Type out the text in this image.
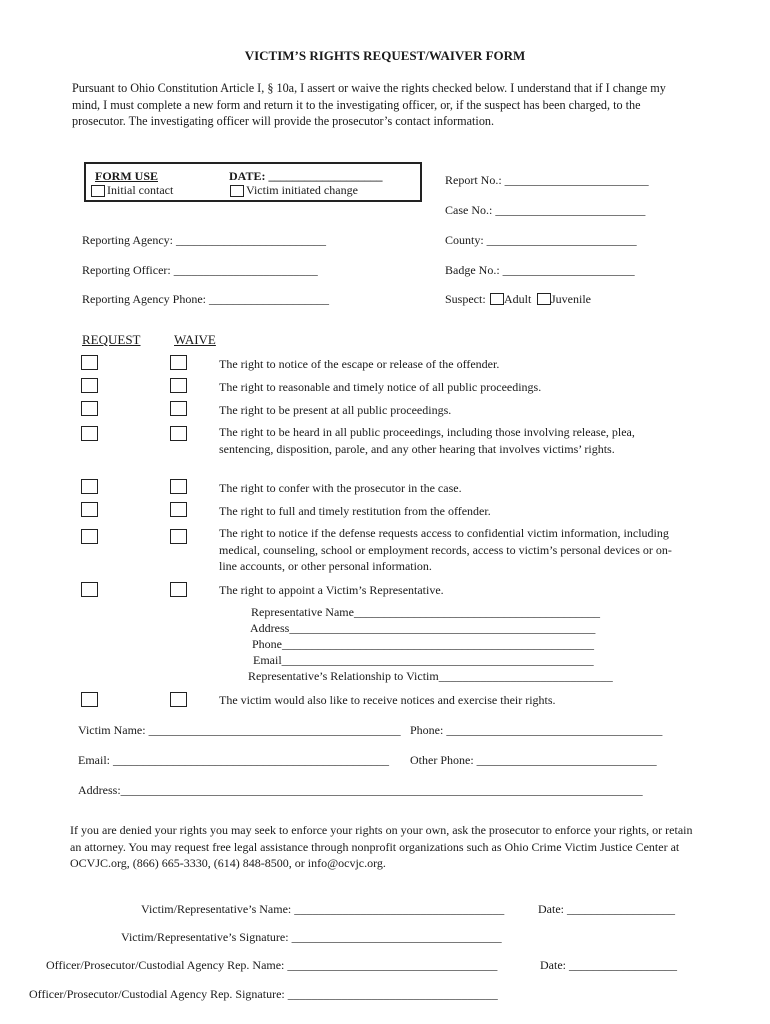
VICTIM’S RIGHTS REQUEST/WAIVER FORM
Pursuant to Ohio Constitution Article I, § 10a, I assert or waive the rights checked below. I understand that if I change my mind, I must complete a new form and return it to the investigating officer, or, if the suspect has been charged, to the prosecutor. The investigating officer will provide the prosecutor’s contact information.
FORM USE	DATE: ___________________
Initial contact	Victim initiated change
Report No.: ________________________
Case No.: _________________________
Reporting Agency: _________________________	County: _________________________
Reporting Officer: ________________________	Badge No.: ______________________
Reporting Agency Phone: ____________________	Suspect: Adult Juvenile
REQUEST	WAIVE
The right to notice of the escape or release of the offender.
The right to reasonable and timely notice of all public proceedings.
The right to be present at all public proceedings.
The right to be heard in all public proceedings, including those involving release, plea, sentencing, disposition, parole, and any other hearing that involves victims’ rights.
The right to confer with the prosecutor in the case.
The right to full and timely restitution from the offender.
The right to notice if the defense requests access to confidential victim information, including medical, counseling, school or employment records, access to victim’s personal devices or on-line accounts, or other personal information.
The right to appoint a Victim’s Representative.
Representative Name_________________________________________
Address___________________________________________________
Phone____________________________________________________
Email____________________________________________________
Representative’s Relationship to Victim_____________________________
The victim would also like to receive notices and exercise their rights.
Victim Name: __________________________________________ Phone: ____________________________________
Email: ______________________________________________ Other Phone: ______________________________
Address:_______________________________________________________________________________________
If you are denied your rights you may seek to enforce your rights on your own, ask the prosecutor to enforce your rights, or retain an attorney. You may request free legal assistance through nonprofit organizations such as Ohio Crime Victim Justice Center at OCVJC.org, (866) 665-3330, (614) 848-8500, or info@ocvjc.org.
Victim/Representative’s Name: ___________________________________	Date: __________________
Victim/Representative’s Signature: ___________________________________
Officer/Prosecutor/Custodial Agency Rep. Name: ___________________________________	Date: __________________
Officer/Prosecutor/Custodial Agency Rep. Signature: ___________________________________
